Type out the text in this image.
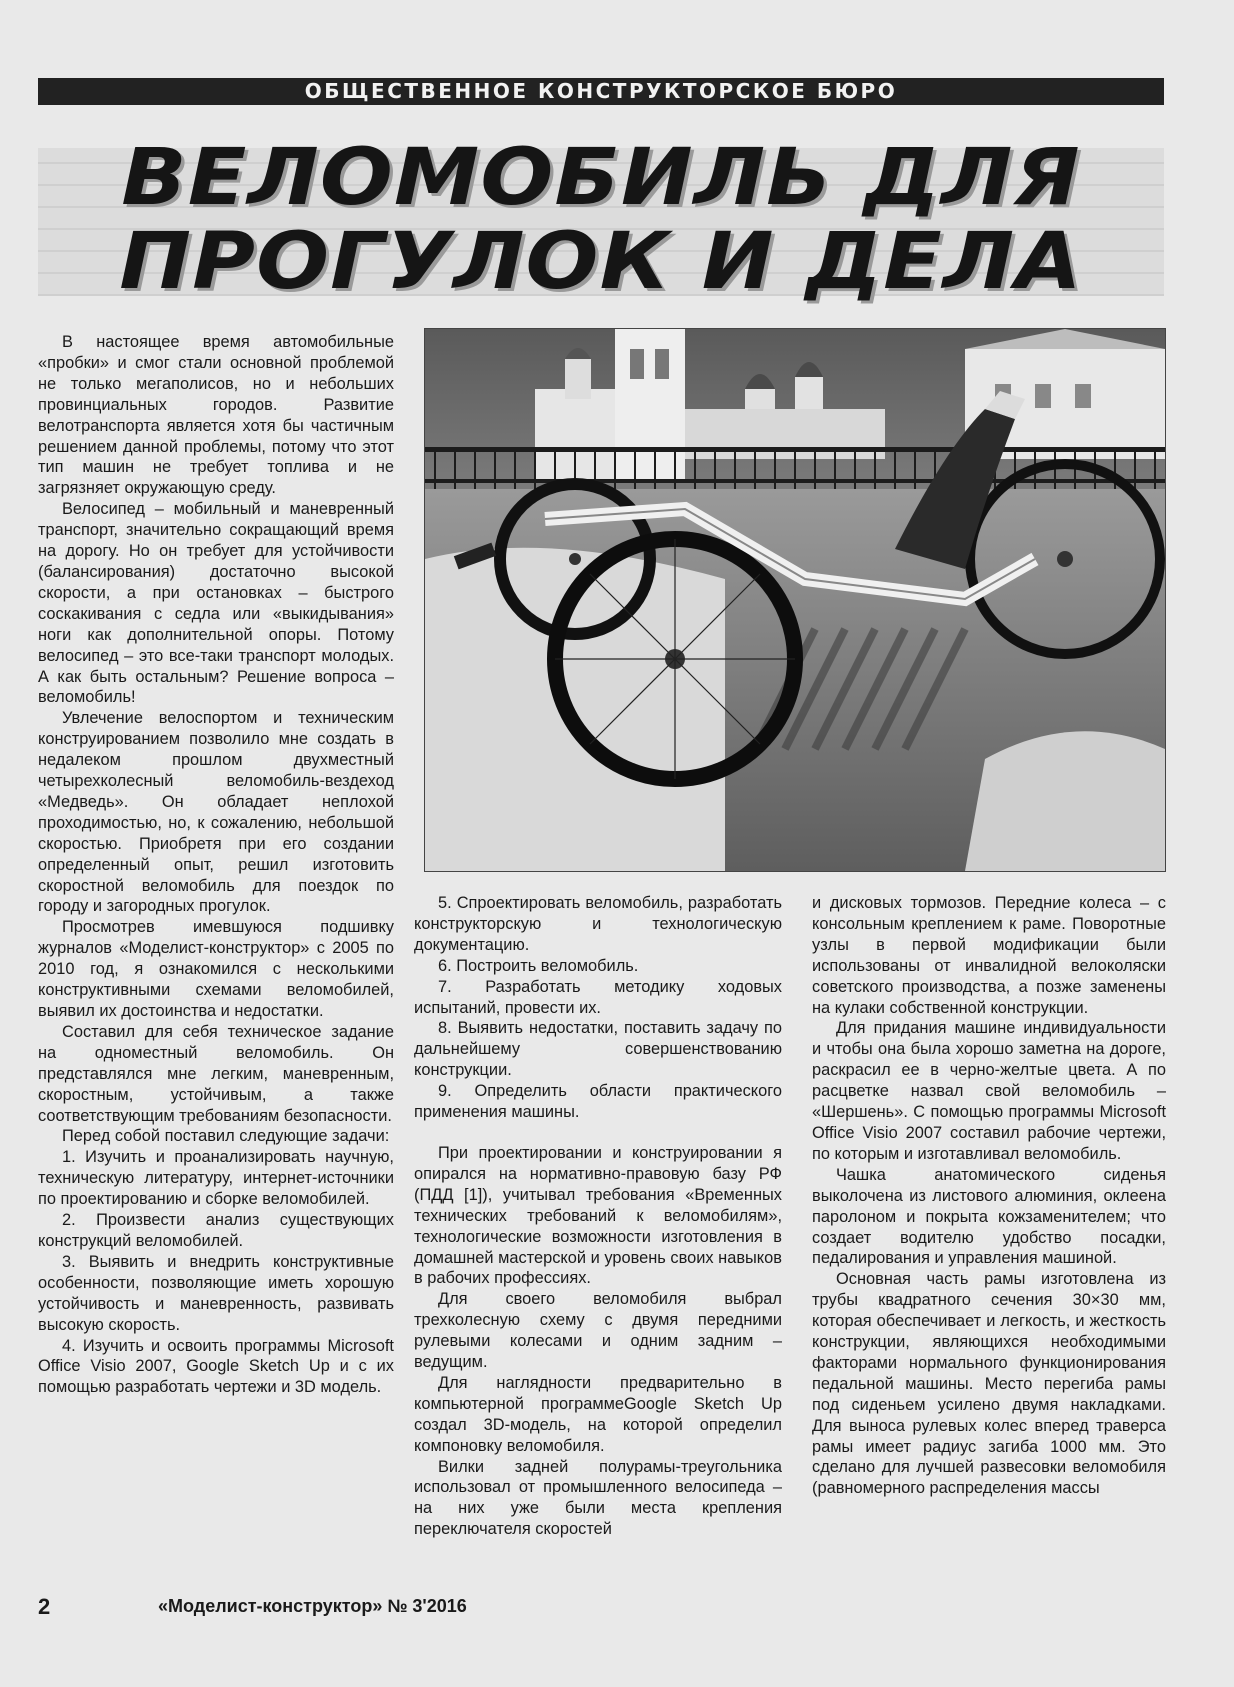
ОБЩЕСТВЕННОЕ КОНСТРУКТОРСКОЕ БЮРО
ВЕЛОМОБИЛЬ ДЛЯ
ПРОГУЛОК И ДЕЛА

В настоящее время автомобильные «пробки» и смог стали основной проблемой не только мегаполисов, но и небольших провинциальных городов. Развитие велотранспорта является хотя бы частичным решением данной проблемы, потому что этот тип машин не требует топлива и не загрязняет окружающую среду.

Велосипед – мобильный и маневренный транспорт, значительно сокращающий время на дорогу. Но он требует для устойчивости (балансирования) достаточно высокой скорости, а при остановках – быстрого соскакивания с седла или «выкидывания» ноги как дополнительной опоры. Потому велосипед – это все-таки транспорт молодых. А как быть остальным? Решение вопроса – веломобиль!

Увлечение велоспортом и техническим конструированием позволило мне создать в недалеком прошлом двухместный четырехколесный веломобиль-вездеход «Медведь». Он обладает неплохой проходимостью, но, к сожалению, небольшой скоростью. Приобретя при его создании определенный опыт, решил изготовить скоростной веломобиль для поездок по городу и загородных прогулок.

Просмотрев имевшуюся подшивку журналов «Моделист-конструктор» с 2005 по 2010 год, я ознакомился с несколькими конструктивными схемами веломобилей, выявил их достоинства и недостатки.

Составил для себя техническое задание на одноместный веломобиль. Он представлялся мне легким, маневренным, скоростным, устойчивым, а также соответствующим требованиям безопасности.

Перед собой поставил следующие задачи:

1. Изучить и проанализировать научную, техническую литературу, интернет-источники по проектированию и сборке веломобилей.

2. Произвести анализ существующих конструкций веломобилей.

3. Выявить и внедрить конструктивные особенности, позволяющие иметь хорошую устойчивость и маневренность, развивать высокую скорость.

4. Изучить и освоить программы Microsoft Office Visio 2007, Google Sketch Up и с их помощью разработать чертежи и 3D модель.

5. Спроектировать веломобиль, разработать конструкторскую и технологическую документацию.

6. Построить веломобиль.

7. Разработать методику ходовых испытаний, провести их.

8. Выявить недостатки, поставить задачу по дальнейшему совершенствованию конструкции.

9. Определить области практического применения машины.

При проектировании и конструировании я опирался на нормативно-правовую базу РФ (ПДД [1]), учитывал требования «Временных технических требований к веломобилям», технологические возможности изготовления в домашней мастерской и уровень своих навыков в рабочих профессиях.

Для своего веломобиля выбрал трехколесную схему с двумя передними рулевыми колесами и одним задним – ведущим.

Для наглядности предварительно в компьютерной программеGoogle Sketch Up создал 3D-модель, на которой определил компоновку веломобиля.

Вилки задней полурамы-треугольника использовал от промышленного велосипеда – на них уже были места крепления переключателя скоростей

и дисковых тормозов. Передние колеса – с консольным креплением к раме. Поворотные узлы в первой модификации были использованы от инвалидной велоколяски советского производства, а позже заменены на кулаки собственной конструкции.

Для придания машине индивидуальности и чтобы она была хорошо заметна на дороге, раскрасил ее в черно-желтые цвета. А по расцветке назвал свой веломобиль – «Шершень». С помощью программы Microsoft Office Visio 2007 составил рабочие чертежи, по которым и изготавливал веломобиль.

Чашка анатомического сиденья выколочена из листового алюминия, оклеена паролоном и покрыта кожзаменителем; что создает водителю удобство посадки, педалирования и управления машиной.

Основная часть рамы изготовлена из трубы квадратного сечения 30×30 мм, которая обеспечивает и легкость, и жесткость конструкции, являющихся необходимыми факторами нормального функционирования педальной машины. Место перегиба рамы под сиденьем усилено двумя накладками. Для выноса рулевых колес вперед траверса рамы имеет радиус загиба 1000 мм. Это сделано для лучшей развесовки веломобиля (равномерного распределения массы

2	«Моделист-конструктор» № 3'2016
